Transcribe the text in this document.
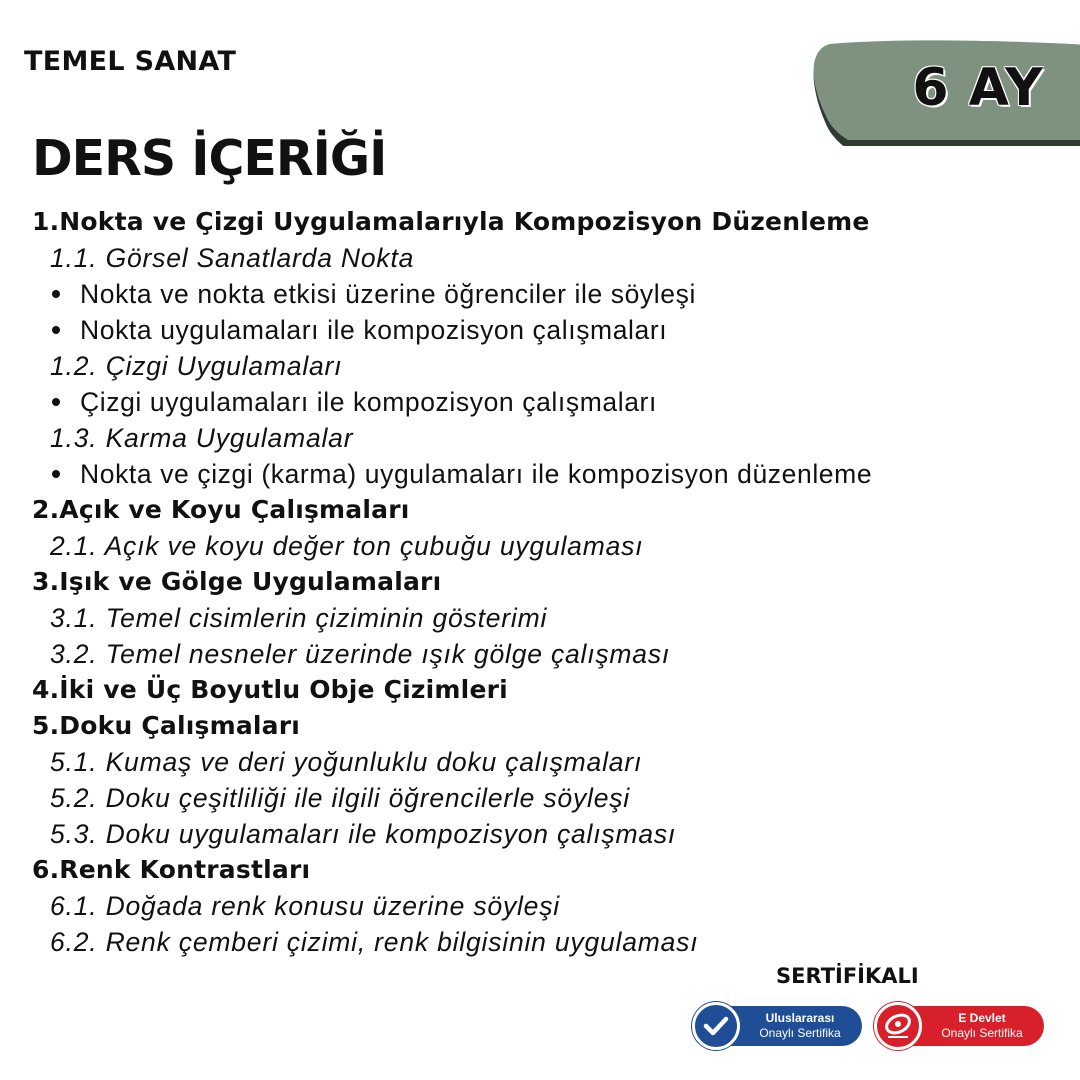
TEMEL SANAT	6 AY
DERS İÇERİĞİ
1.Nokta ve Çizgi Uygulamalarıyla Kompozisyon Düzenleme
1.1. Görsel Sanatlarda Nokta
Nokta ve nokta etkisi üzerine öğrenciler ile söyleşi
Nokta uygulamaları ile kompozisyon çalışmaları
1.2. Çizgi Uygulamaları
Çizgi uygulamaları ile kompozisyon çalışmaları
1.3. Karma Uygulamalar
Nokta ve çizgi (karma) uygulamaları ile kompozisyon düzenleme
2.Açık ve Koyu Çalışmaları
2.1. Açık ve koyu değer ton çubuğu uygulaması
3.Işık ve Gölge Uygulamaları
3.1. Temel cisimlerin çiziminin gösterimi
3.2. Temel nesneler üzerinde ışık gölge çalışması
4.İki ve Üç Boyutlu Obje Çizimleri
5.Doku Çalışmaları
5.1. Kumaş ve deri yoğunluklu doku çalışmaları
5.2. Doku çeşitliliği ile ilgili öğrencilerle söyleşi
5.3. Doku uygulamaları ile kompozisyon çalışması
6.Renk Kontrastları
6.1. Doğada renk konusu üzerine söyleşi
6.2. Renk çemberi çizimi, renk bilgisinin uygulaması
SERTİFİKALI
Uluslararası
Onaylı Sertifika
E Devlet
Onaylı Sertifika
